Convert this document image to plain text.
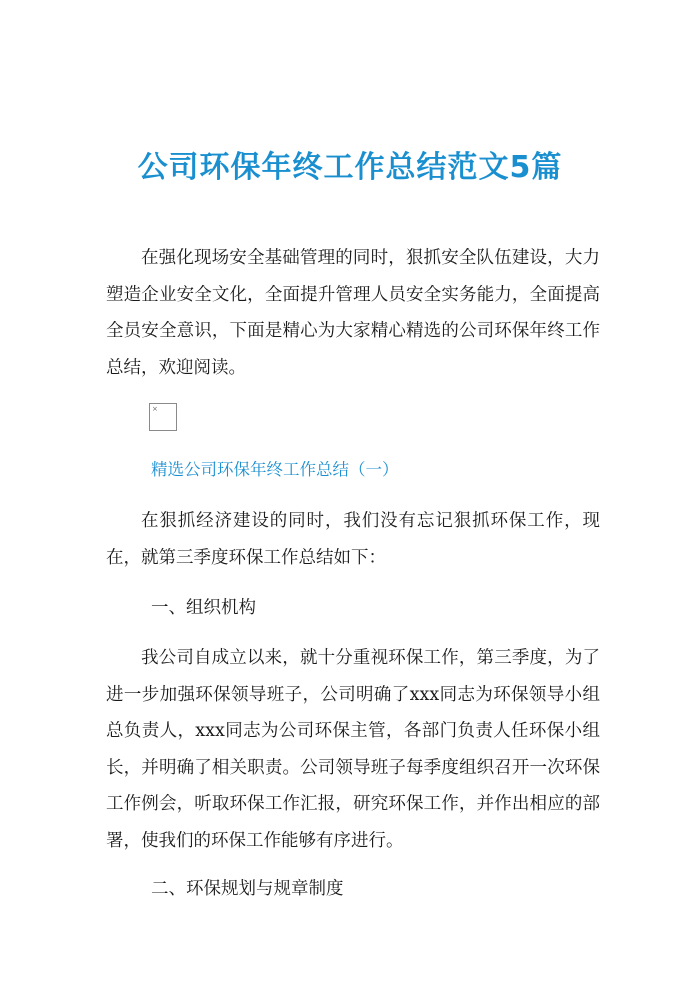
公司环保年终工作总结范文5篇

在强化现场安全基础管理的同时，狠抓安全队伍建设，大力塑造企业安全文化，全面提升管理人员安全实务能力，全面提高全员安全意识，下面是精心为大家精心精选的公司环保年终工作总结，欢迎阅读。

×
精选公司环保年终工作总结（一）

在狠抓经济建设的同时，我们没有忘记狠抓环保工作，现在，就第三季度环保工作总结如下：

一、组织机构

我公司自成立以来，就十分重视环保工作，第三季度，为了进一步加强环保领导班子，公司明确了xxx同志为环保领导小组总负责人，xxx同志为公司环保主管，各部门负责人任环保小组长，并明确了相关职责。公司领导班子每季度组织召开一次环保工作例会，听取环保工作汇报，研究环保工作，并作出相应的部署，使我们的环保工作能够有序进行。

二、环保规划与规章制度
